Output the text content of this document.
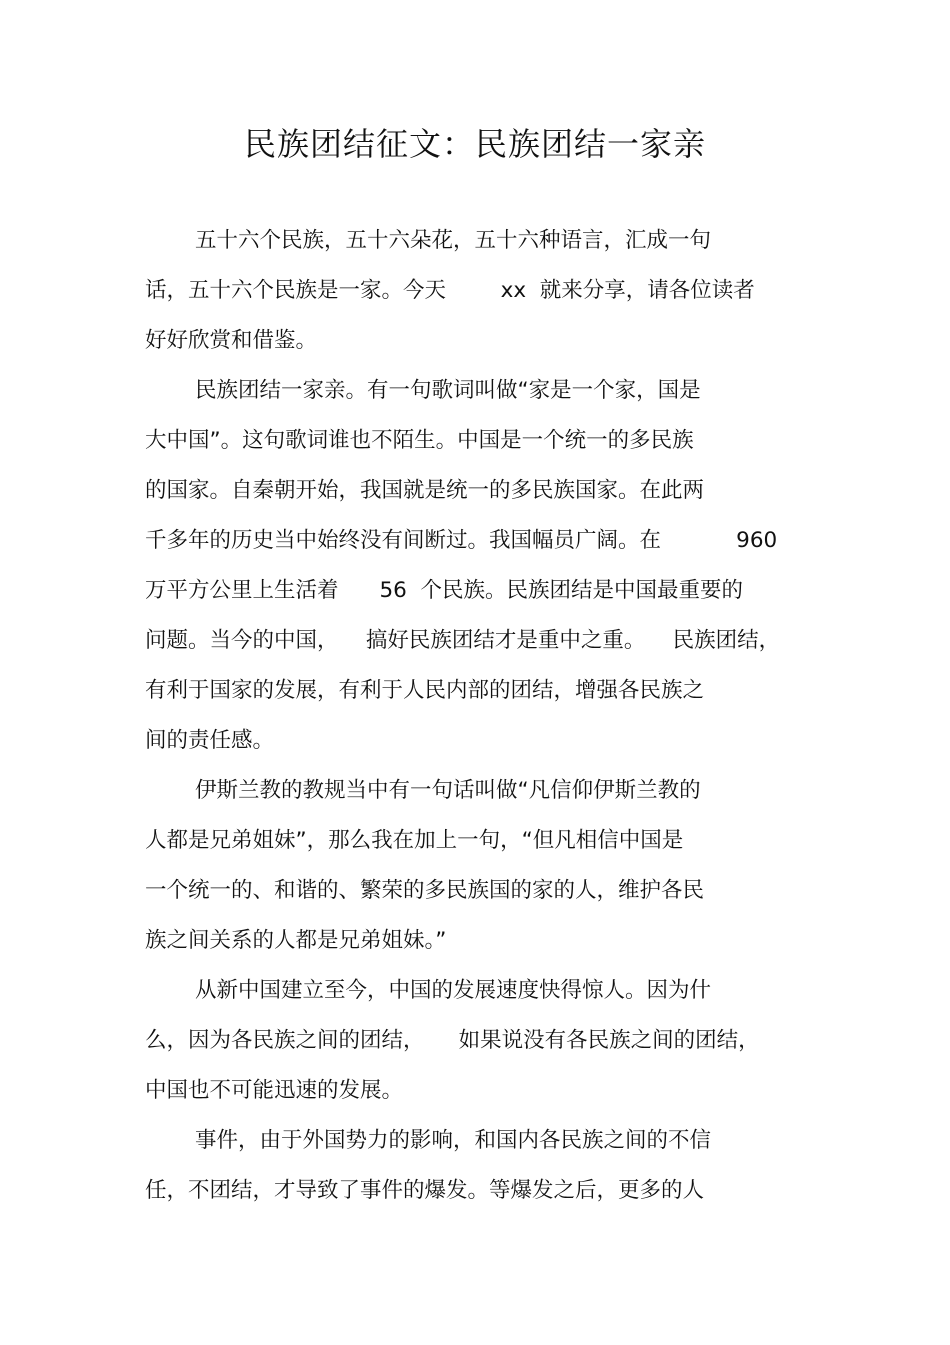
民族团结征文：民族团结一家亲
五十六个民族，五十六朵花，五十六种语言，汇成一句
话，五十六个民族是一家。今天        xx  就来分享，请各位读者
好好欣赏和借鉴。
民族团结一家亲。有一句歌词叫做“家是一个家，国是
大中国”。这句歌词谁也不陌生。中国是一个统一的多民族
的国家。自秦朝开始，我国就是统一的多民族国家。在此两
千多年的历史当中始终没有间断过。我国幅员广阔。在           960
万平方公里上生活着      56  个民族。民族团结是中国最重要的
问题。当今的中国，    搞好民族团结才是重中之重。    民族团结，
有利于国家的发展，有利于人民内部的团结，增强各民族之
间的责任感。
伊斯兰教的教规当中有一句话叫做“凡信仰伊斯兰教的
人都是兄弟姐妹”，那么我在加上一句，“但凡相信中国是
一个统一的、和谐的、繁荣的多民族国的家的人，维护各民
族之间关系的人都是兄弟姐妹。”
从新中国建立至今，中国的发展速度快得惊人。因为什
么，因为各民族之间的团结，     如果说没有各民族之间的团结，
中国也不可能迅速的发展。
事件，由于外国势力的影响，和国内各民族之间的不信
任，不团结，才导致了事件的爆发。等爆发之后，更多的人
